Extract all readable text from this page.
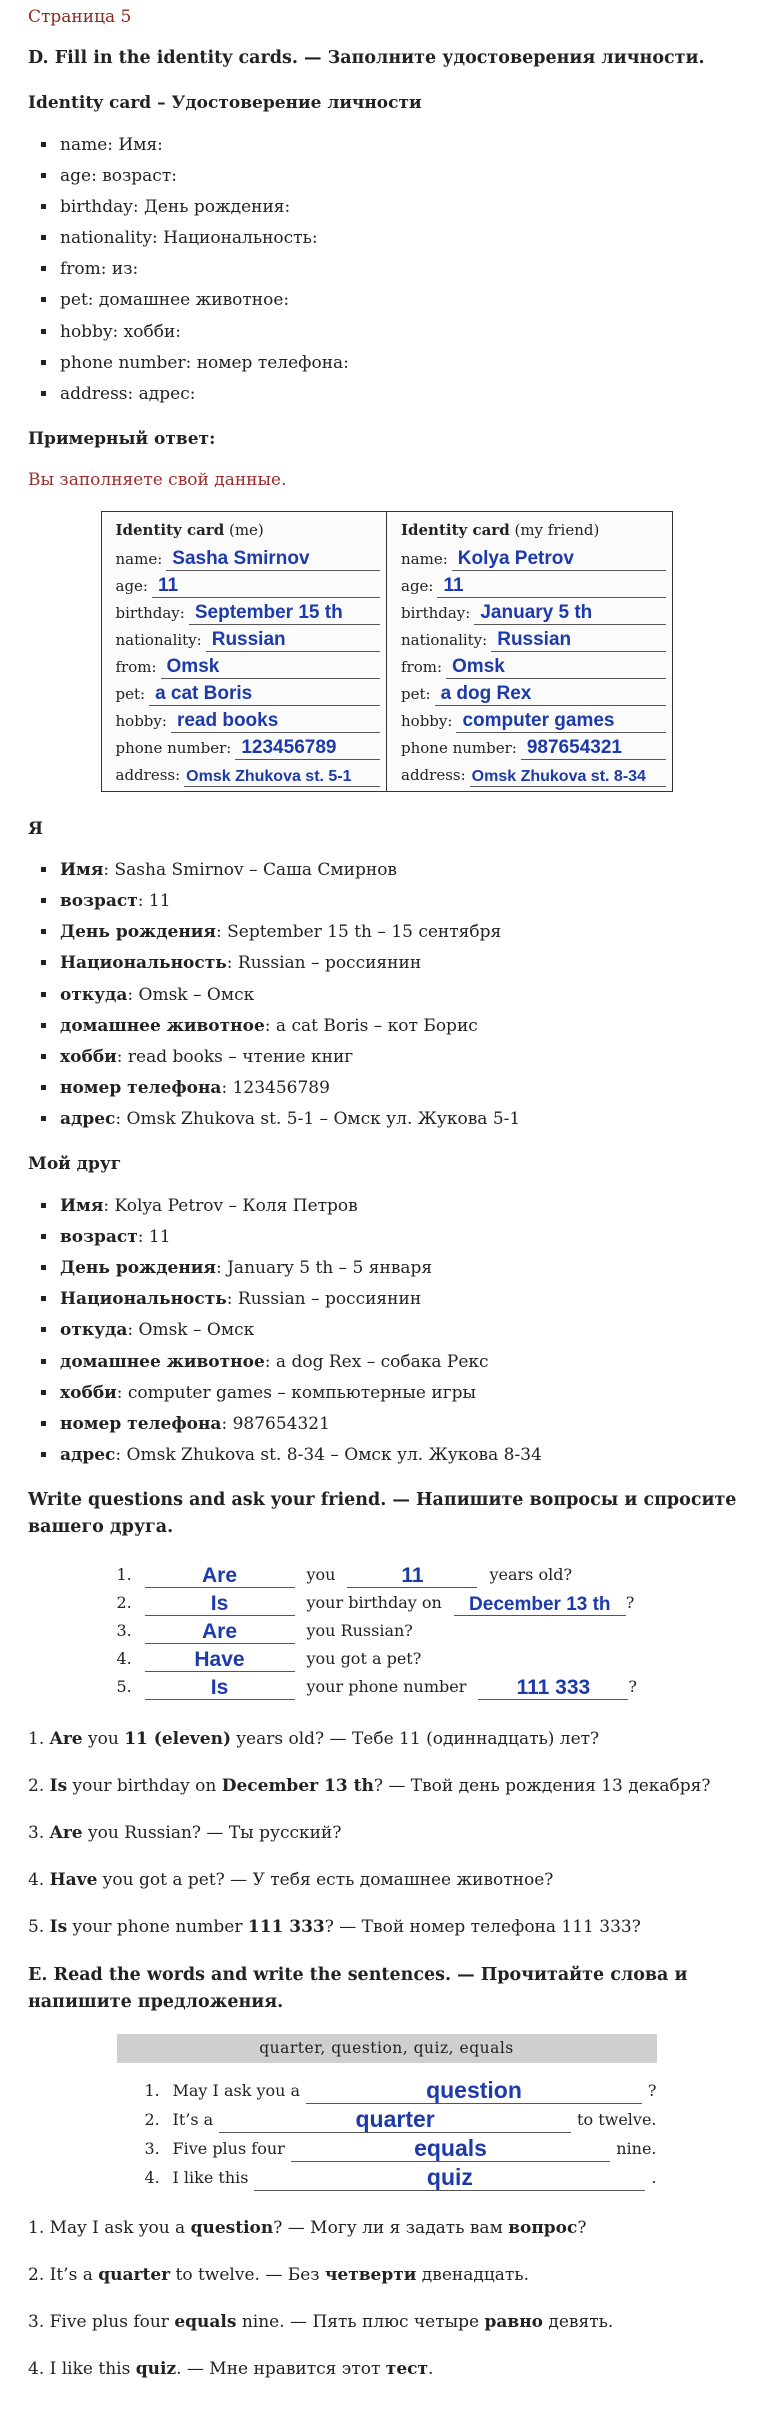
Страница 5
D. Fill in the identity cards. — Заполните удостоверения личности.
Identity card – Удостоверение личности
▪ name: Имя:
▪ age: возраст:
▪ birthday: День рождения:
▪ nationality: Национальность:
▪ from: из:
▪ pet: домашнее животное:
▪ hobby: хобби:
▪ phone number: номер телефона:
▪ address: адрес:
Примерный ответ:
Вы заполняете свой данные.
Identity card (me)
name: Sasha Smirnov
age: 11
birthday: September 15 th
nationality: Russian
from: Omsk
pet: a cat Boris
hobby: read books
phone number: 123456789
address: Omsk Zhukova st. 5-1
Identity card (my friend)
name: Kolya Petrov
age: 11
birthday: January 5 th
nationality: Russian
from: Omsk
pet: a dog Rex
hobby: computer games
phone number: 987654321
address: Omsk Zhukova st. 8-34
Я
▪ Имя: Sasha Smirnov – Саша Смирнов
▪ возраст: 11
▪ День рождения: September 15 th – 15 сентября
▪ Национальность: Russian – россиянин
▪ откуда: Omsk – Омск
▪ домашнее животное: a cat Boris – кот Борис
▪ хобби: read books – чтение книг
▪ номер телефона: 123456789
▪ адрес: Omsk Zhukova st. 5-1 – Омск ул. Жукова 5-1
Мой друг
▪ Имя: Kolya Petrov – Коля Петров
▪ возраст: 11
▪ День рождения: January 5 th – 5 января
▪ Национальность: Russian – россиянин
▪ откуда: Omsk – Омск
▪ домашнее животное: a dog Rex – собака Рекс
▪ хобби: computer games – компьютерные игры
▪ номер телефона: 987654321
▪ адрес: Omsk Zhukova st. 8-34 – Омск ул. Жукова 8-34
Write questions and ask your friend. — Напишите вопросы и спросите вашего друга.
1.	Are	you	11	years old?
2.	Is	your birthday on	December 13 th ?
3.	Are	you Russian?
4.	Have	you got a pet?
5.	Is	your phone number	111 333	?

1. Are you 11 (eleven) years old? — Тебе 11 (одиннадцать) лет?

2. Is your birthday on December 13 th? — Твой день рождения 13 декабря?

3. Are you Russian? — Ты русский?

4. Have you got a pet? — У тебя есть домашнее животное?

5. Is your phone number 111 333? — Твой номер телефона 111 333?

E. Read the words and write the sentences. — Прочитайте слова и напишите предложения.
quarter, question, quiz, equals
1. May I ask you a	question	?
2. It’s a	quarter	to twelve.
3. Five plus four	equals	nine.
4. I like this	quiz	.

1. May I ask you a question? — Могу ли я задать вам вопрос?

2. It’s a quarter to twelve. — Без четверти двенадцать.

3. Five plus four equals nine. — Пять плюс четыре равно девять.

4. I like this quiz. — Мне нравится этот тест.
